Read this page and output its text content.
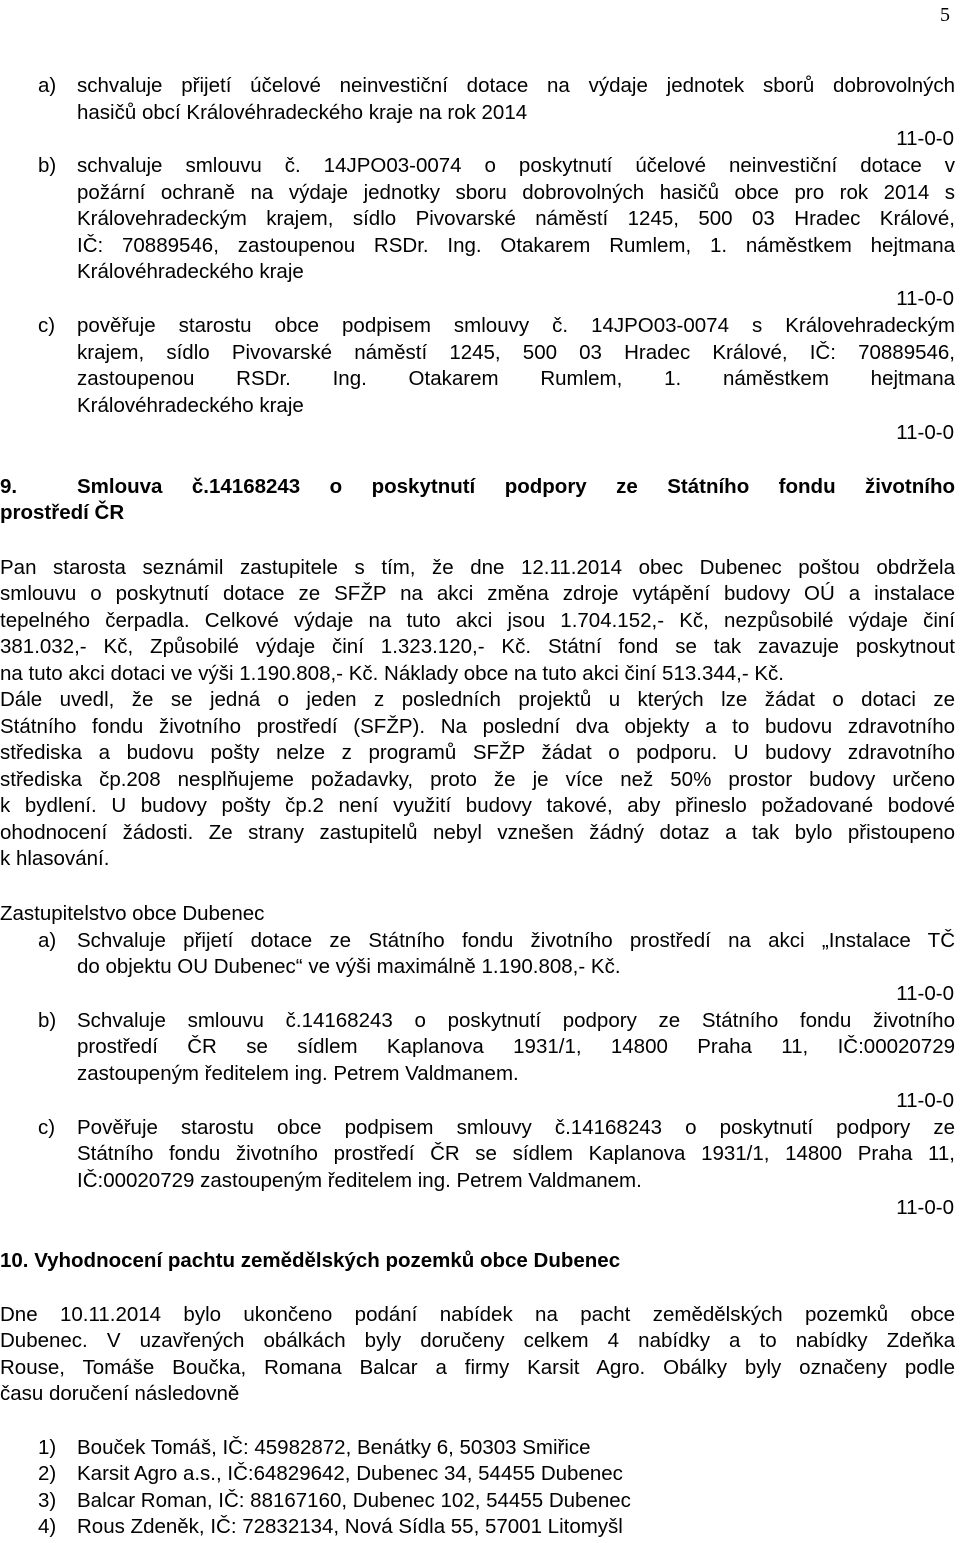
5
a) schvaluje přijetí účelové neinvestiční dotace na výdaje jednotek sborů dobrovolných
hasičů obcí Královéhradeckého kraje na rok 2014
11-0-0
b) schvaluje smlouvu č. 14JPO03-0074 o poskytnutí účelové neinvestiční dotace v
požární ochraně na výdaje jednotky sboru dobrovolných hasičů obce pro rok 2014 s
Královehradeckým krajem, sídlo Pivovarské náměstí 1245, 500 03 Hradec Králové,
IČ: 70889546, zastoupenou RSDr. Ing. Otakarem Rumlem, 1. náměstkem hejtmana
Královéhradeckého kraje
11-0-0
c) pověřuje starostu obce podpisem smlouvy č. 14JPO03-0074 s Královehradeckým
krajem, sídlo Pivovarské náměstí 1245, 500 03 Hradec Králové, IČ: 70889546,
zastoupenou RSDr. Ing. Otakarem Rumlem, 1. náměstkem hejtmana
Královéhradeckého kraje
11-0-0
9.	Smlouva č.14168243 o poskytnutí podpory ze Státního fondu životního
prostředí ČR
Pan starosta seznámil zastupitele s tím, že dne 12.11.2014 obec Dubenec poštou obdržela
smlouvu o poskytnutí dotace ze SFŽP na akci změna zdroje vytápění budovy OÚ a instalace
tepelného čerpadla. Celkové výdaje na tuto akci jsou 1.704.152,- Kč, nezpůsobilé výdaje činí
381.032,- Kč, Způsobilé výdaje činí 1.323.120,- Kč. Státní fond se tak zavazuje poskytnout
na tuto akci dotaci ve výši 1.190.808,- Kč. Náklady obce na tuto akci činí 513.344,- Kč.
Dále uvedl, že se jedná o jeden z posledních projektů u kterých lze žádat o dotaci ze
Státního fondu životního prostředí (SFŽP). Na poslední dva objekty a to budovu zdravotního
střediska a budovu pošty nelze z programů SFŽP žádat o podporu. U budovy zdravotního
střediska čp.208 nesplňujeme požadavky, proto že je více než 50% prostor budovy určeno
k bydlení. U budovy pošty čp.2 není využití budovy takové, aby přineslo požadované bodové
ohodnocení žádosti. Ze strany zastupitelů nebyl vznešen žádný dotaz a tak bylo přistoupeno
k hlasování.
Zastupitelstvo obce Dubenec
a) Schvaluje přijetí dotace ze Státního fondu životního prostředí na akci „Instalace TČ
do objektu OU Dubenec“ ve výši maximálně 1.190.808,- Kč.
11-0-0
b) Schvaluje smlouvu č.14168243 o poskytnutí podpory ze Státního fondu životního
prostředí ČR se sídlem Kaplanova 1931/1, 14800 Praha 11, IČ:00020729
zastoupeným ředitelem ing. Petrem Valdmanem.
11-0-0
c) Pověřuje starostu obce podpisem smlouvy č.14168243 o poskytnutí podpory ze
Státního fondu životního prostředí ČR se sídlem Kaplanova 1931/1, 14800 Praha 11,
IČ:00020729 zastoupeným ředitelem ing. Petrem Valdmanem.
11-0-0
10. Vyhodnocení pachtu zemědělských pozemků obce Dubenec
Dne 10.11.2014 bylo ukončeno podání nabídek na pacht zemědělských pozemků obce
Dubenec. V uzavřených obálkách byly doručeny celkem 4 nabídky a to nabídky Zdeňka
Rouse, Tomáše Boučka, Romana Balcar a firmy Karsit Agro. Obálky byly označeny podle
času doručení následovně
1) Bouček Tomáš, IČ: 45982872, Benátky 6, 50303 Smiřice
2) Karsit Agro a.s., IČ:64829642, Dubenec 34, 54455 Dubenec
3) Balcar Roman, IČ: 88167160, Dubenec 102, 54455 Dubenec
4) Rous Zdeněk, IČ: 72832134, Nová Sídla 55, 57001 Litomyšl
